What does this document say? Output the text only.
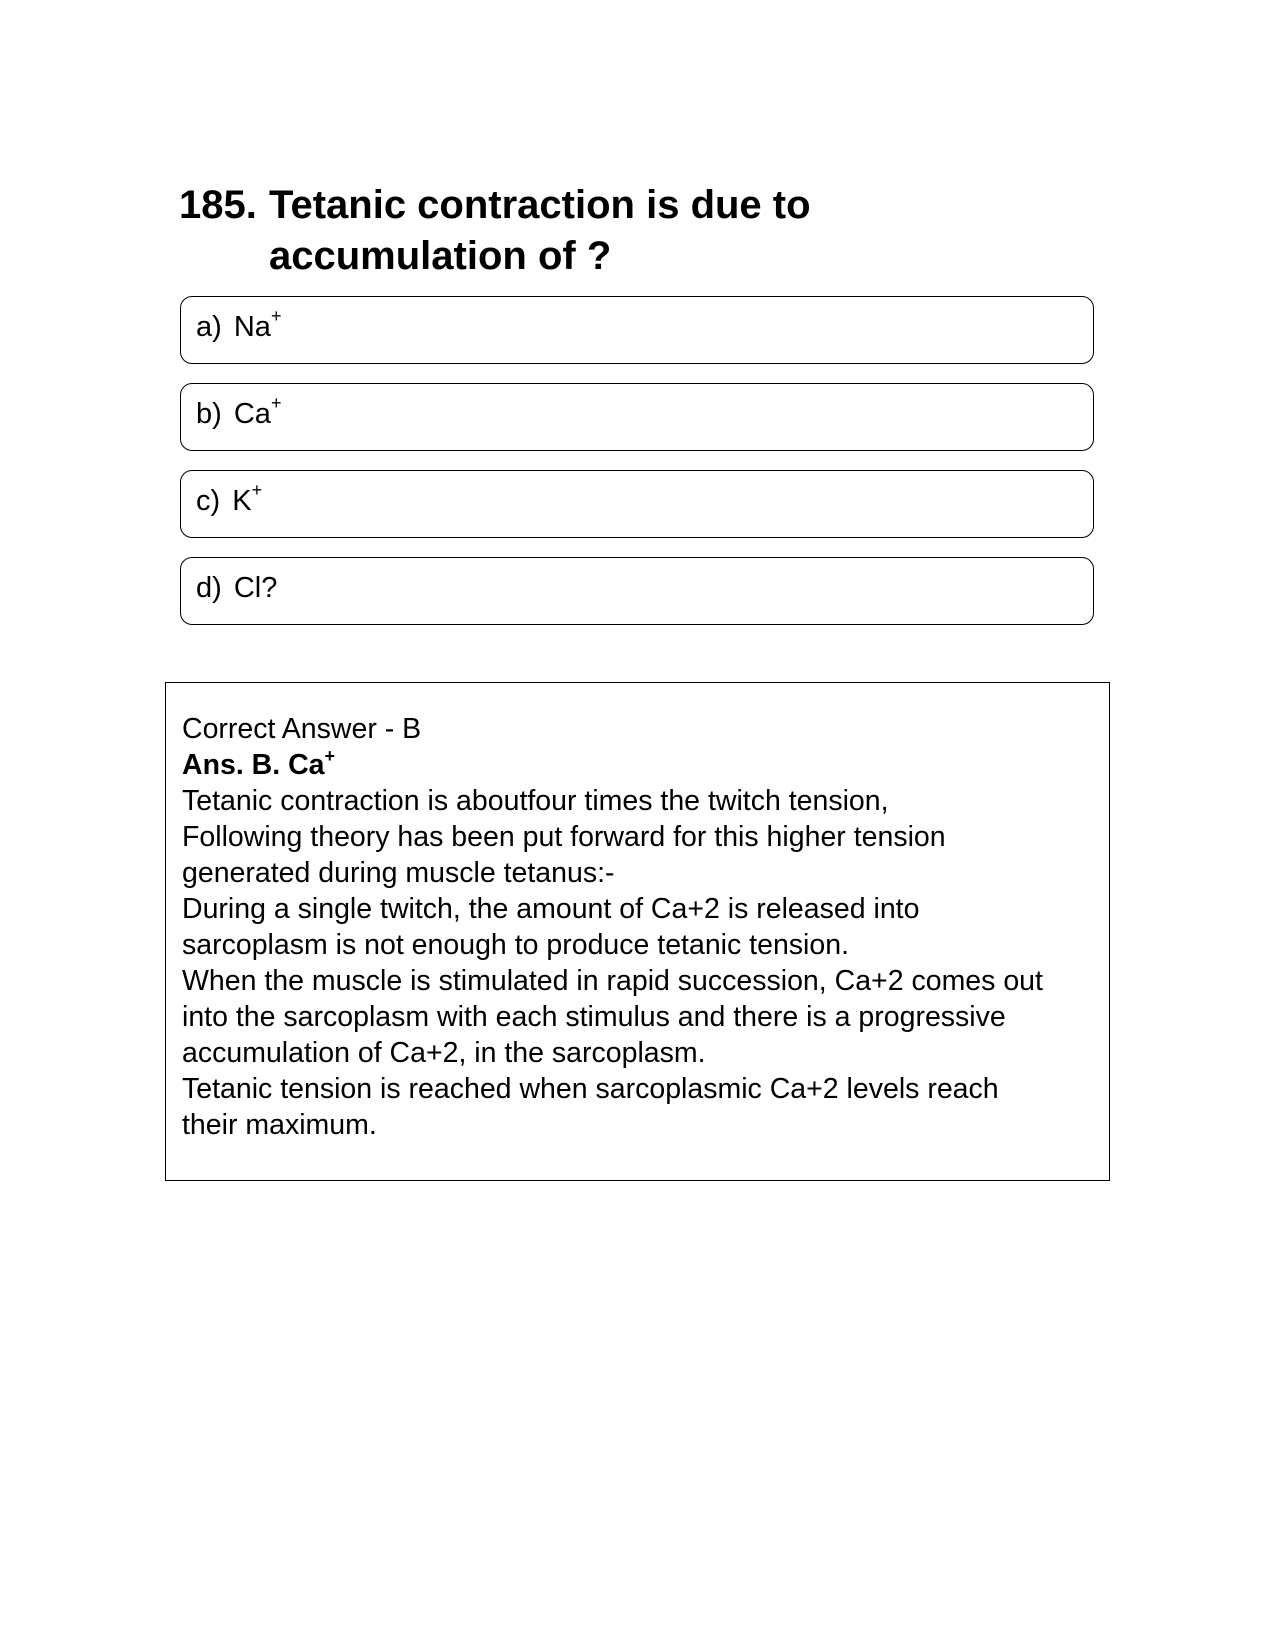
185. Tetanic contraction is due to
accumulation of ?
a) Na+
b) Ca+
c) K+
d) Cl?
Correct Answer - B
Ans. B. Ca+
Tetanic contraction is aboutfour times the twitch tension,
Following theory has been put forward for this higher tension
generated during muscle tetanus:-
During a single twitch, the amount of Ca+2 is released into
sarcoplasm is not enough to produce tetanic tension.
When the muscle is stimulated in rapid succession, Ca+2 comes out
into the sarcoplasm with each stimulus and there is a progressive
accumulation of Ca+2, in the sarcoplasm.
Tetanic tension is reached when sarcoplasmic Ca+2 levels reach
their maximum.
